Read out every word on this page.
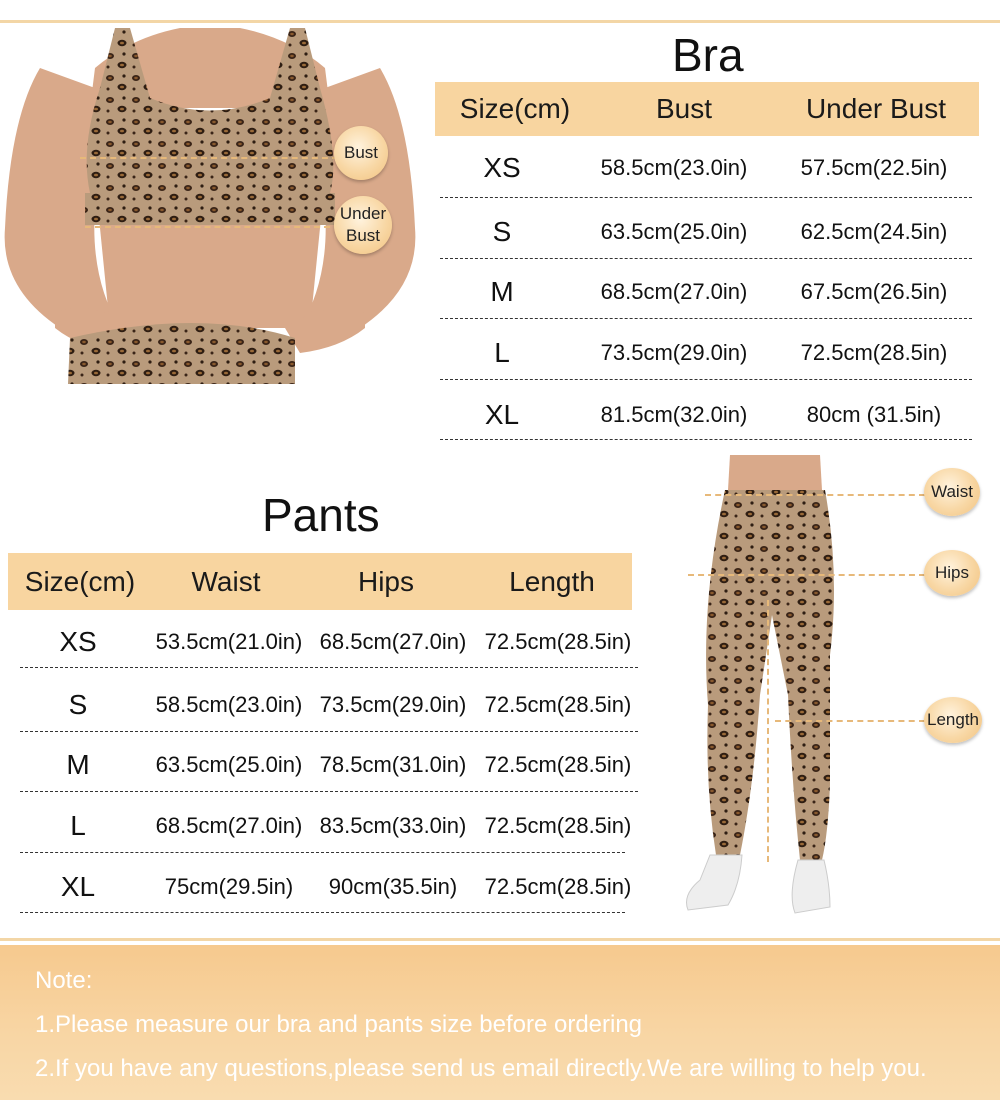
Bust
Under
Bust
Bra
Size(cm)	Bust	Under Bust
XS	58.5cm(23.0in)	57.5cm(22.5in)
S	63.5cm(25.0in)	62.5cm(24.5in)
M	68.5cm(27.0in)	67.5cm(26.5in)
L	73.5cm(29.0in)	72.5cm(28.5in)
XL	81.5cm(32.0in)	80cm (31.5in)
Pants
Size(cm)	Waist	Hips	Length
XS	53.5cm(21.0in) 68.5cm(27.0in) 72.5cm(28.5in)
S	58.5cm(23.0in) 73.5cm(29.0in) 72.5cm(28.5in)
M	63.5cm(25.0in) 78.5cm(31.0in) 72.5cm(28.5in)
L	68.5cm(27.0in) 83.5cm(33.0in) 72.5cm(28.5in)
XL	75cm(29.5in)	90cm(35.5in)	72.5cm(28.5in)
Waist
Hips
Length
Note:
1.Please measure our bra and pants size before ordering
2.If you have any questions,please send us email directly.We are willing to help you.
